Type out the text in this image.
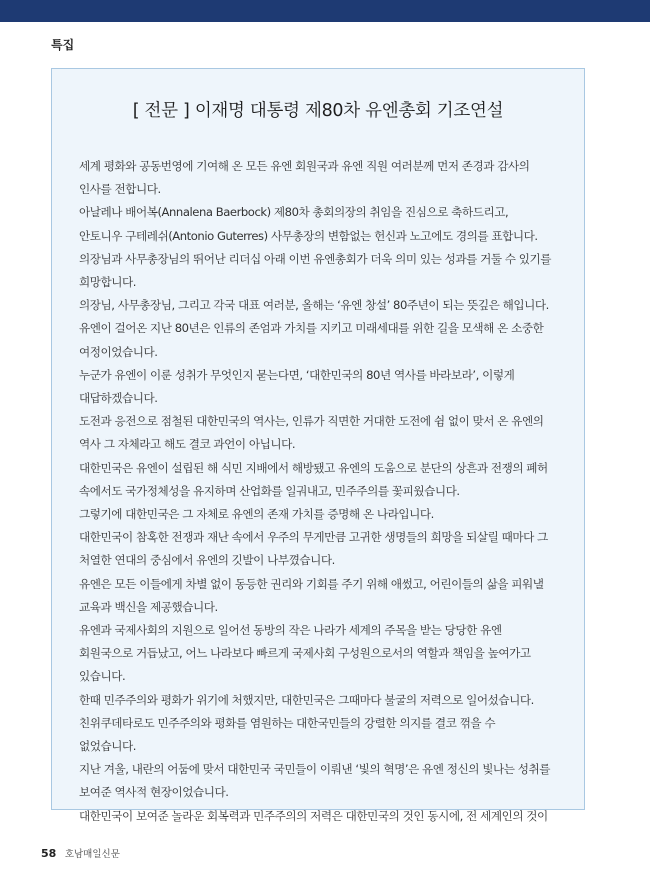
특집
[ 전문 ] 이재명 대통령 제80차 유엔총회 기조연설

세계 평화와 공동번영에 기여해 온 모든 유엔 회원국과 유엔 직원 여러분께 먼저 존경과 감사의
인사를 전합니다.

아날레나 배어복(Annalena Baerbock) 제80차 총회의장의 취임을 진심으로 축하드리고,

안토니우 구테레쉬(Antonio Guterres) 사무총장의 변함없는 헌신과 노고에도 경의를 표합니다.

의장님과 사무총장님의 뛰어난 리더십 아래 이번 유엔총회가 더욱 의미 있는 성과를 거둘 수 있기를
희망합니다.

의장님, 사무총장님, 그리고 각국 대표 여러분, 올해는 ‘유엔 창설’ 80주년이 되는 뜻깊은 해입니다.

유엔이 걸어온 지난 80년은 인류의 존엄과 가치를 지키고 미래세대를 위한 길을 모색해 온 소중한
여정이었습니다.

누군가 유엔이 이룬 성취가 무엇인지 묻는다면, ‘대한민국의 80년 역사를 바라보라’, 이렇게
대답하겠습니다.

도전과 응전으로 점철된 대한민국의 역사는, 인류가 직면한 거대한 도전에 쉼 없이 맞서 온 유엔의
역사 그 자체라고 해도 결코 과언이 아닙니다.

대한민국은 유엔이 설립된 해 식민 지배에서 해방됐고 유엔의 도움으로 분단의 상흔과 전쟁의 폐허
속에서도 국가정체성을 유지하며 산업화를 일궈내고, 민주주의를 꽃피웠습니다.

그렇기에 대한민국은 그 자체로 유엔의 존재 가치를 증명해 온 나라입니다.

대한민국이 참혹한 전쟁과 재난 속에서 우주의 무게만큼 고귀한 생명들의 희망을 되살릴 때마다 그
처열한 연대의 중심에서 유엔의 깃발이 나부꼈습니다.

유엔은 모든 이들에게 차별 없이 동등한 권리와 기회를 주기 위해 애썼고, 어린이들의 삶을 피워낼
교육과 백신을 제공했습니다.

유엔과 국제사회의 지원으로 일어선 동방의 작은 나라가 세계의 주목을 받는 당당한 유엔
회원국으로 거듭났고, 어느 나라보다 빠르게 국제사회 구성원으로서의 역할과 책임을 높여가고
있습니다.

한때 민주주의와 평화가 위기에 처했지만, 대한민국은 그때마다 불굴의 저력으로 일어섰습니다.

친위쿠데타로도 민주주의와 평화를 염원하는 대한국민들의 강렬한 의지를 결코 꺾을 수
없었습니다.

지난 겨울, 내란의 어둠에 맞서 대한민국 국민들이 이뤄낸 ‘빛의 혁명’은 유엔 정신의 빛나는 성취를
보여준 역사적 현장이었습니다.

대한민국이 보여준 놀라운 회복력과 민주주의의 저력은 대한민국의 것인 동시에, 전 세계인의 것이

58 호남매일신문
